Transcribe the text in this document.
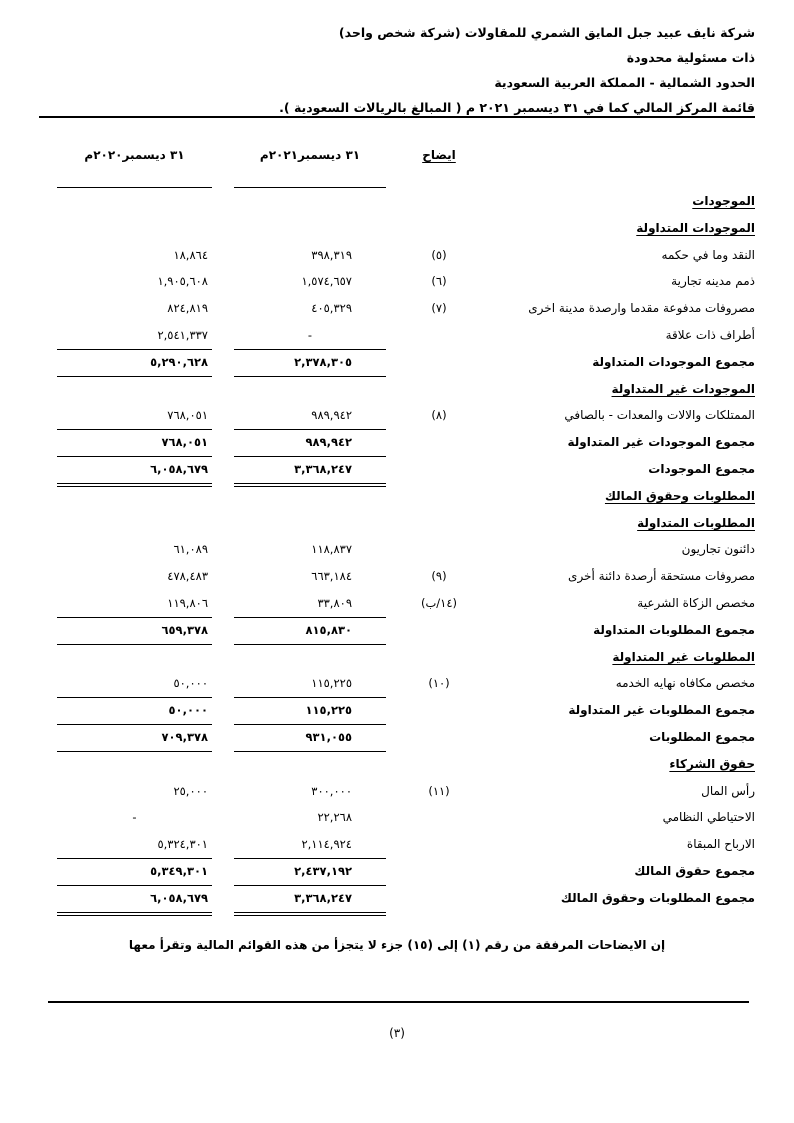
شركة نايف عبيد جبل المايق الشمري للمقاولات (شركة شخص واحد)
ذات مسئولية محدودة
الحدود الشمالية - المملكة العربية السعودية
قائمة المركز المالي كما في ٣١ ديسمبر ٢٠٢١ م ( المبالغ بالريالات السعودية ).
ايضاح
٣١ ديسمبر٢٠٢١م
٣١ ديسمبر٢٠٢٠م
الموجودات
الموجودات المتداولة
النقد وما في حكمه
(٥)
٣٩٨,٣١٩
١٨,٨٦٤
ذمم مدينه تجارية
(٦)
١,٥٧٤,٦٥٧
١,٩٠٥,٦٠٨
مصروفات مدفوعة مقدما وارصدة مدينة اخرى
(٧)
٤٠٥,٣٢٩
٨٢٤,٨١٩
أطراف ذات علاقة
-
٢,٥٤١,٣٣٧
مجموع الموجودات المتداولة
٢,٣٧٨,٣٠٥
٥,٢٩٠,٦٢٨
الموجودات غير المتداولة
الممتلكات والالات والمعدات - بالصافي
(٨)
٩٨٩,٩٤٢
٧٦٨,٠٥١
مجموع الموجودات غير المتداولة
٩٨٩,٩٤٢
٧٦٨,٠٥١
مجموع الموجودات
٣,٣٦٨,٢٤٧
٦,٠٥٨,٦٧٩
المطلوبات وحقوق المالك
المطلوبات المتداولة
دائنون تجاريون
١١٨,٨٣٧
٦١,٠٨٩
مصروفات مستحقة أرصدة دائنة أخرى
(٩)
٦٦٣,١٨٤
٤٧٨,٤٨٣
مخصص الزكاة الشرعية
(١٤/ب)
٣٣,٨٠٩
١١٩,٨٠٦
مجموع المطلوبات المتداولة
٨١٥,٨٣٠
٦٥٩,٣٧٨
المطلوبات غير المتداولة
مخصص مكافاه نهايه الخدمه
(١٠)
١١٥,٢٢٥
٥٠,٠٠٠
مجموع المطلوبات غير المتداولة
١١٥,٢٢٥
٥٠,٠٠٠
مجموع المطلوبات
٩٣١,٠٥٥
٧٠٩,٣٧٨
حقوق الشركاء
رأس المال
(١١)
٣٠٠,٠٠٠
٢٥,٠٠٠
الاحتياطي النظامي
٢٢,٢٦٨
-
الارباح المبقاة
٢,١١٤,٩٢٤
٥,٣٢٤,٣٠١
مجموع حقوق المالك
٢,٤٣٧,١٩٢
٥,٣٤٩,٣٠١
مجموع المطلوبات وحقوق المالك
٣,٣٦٨,٢٤٧
٦,٠٥٨,٦٧٩
إن الايضاحات المرفقة من رقم (١) إلى (١٥) جزء لا يتجزأ من هذه القوائم المالية وتقرأ معها
(٣)
